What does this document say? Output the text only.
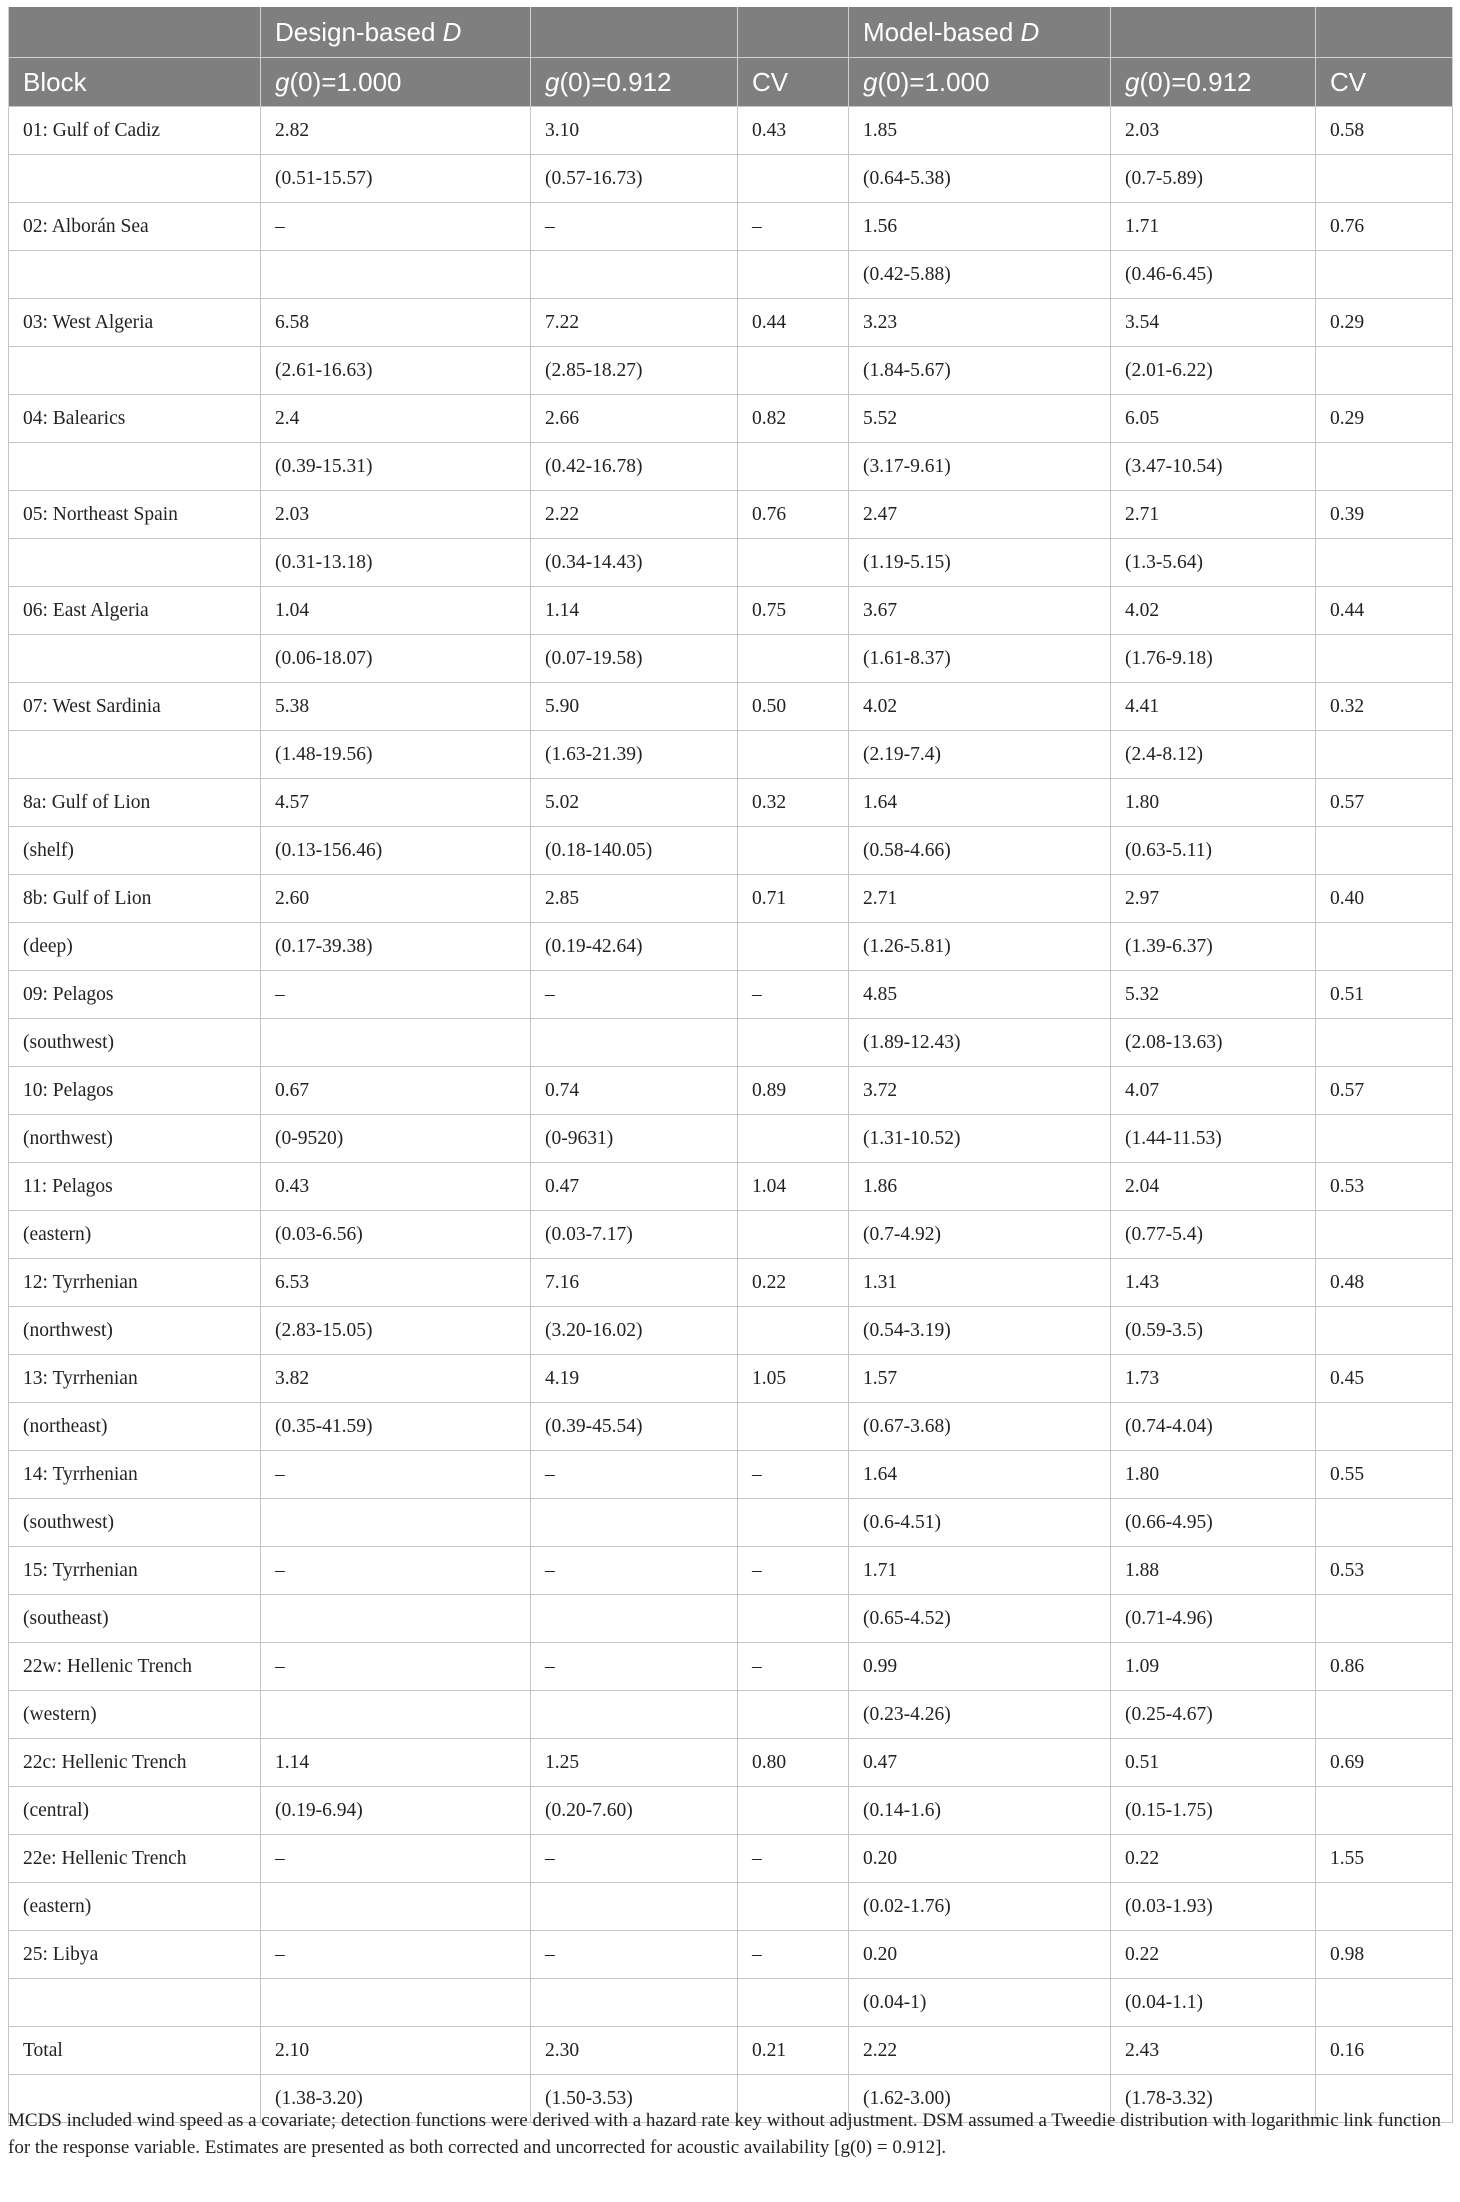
	Design-based D			Model-based D		
Block	g(0)=1.000	g(0)=0.912	CV	g(0)=1.000	g(0)=0.912	CV
01: Gulf of Cadiz	2.82	3.10	0.43	1.85	2.03	0.58
	(0.51-15.57)	(0.57-16.73)		(0.64-5.38)	(0.7-5.89)	
02: Alborán Sea	–	–	–	1.56	1.71	0.76
				(0.42-5.88)	(0.46-6.45)	
03: West Algeria	6.58	7.22	0.44	3.23	3.54	0.29
	(2.61-16.63)	(2.85-18.27)		(1.84-5.67)	(2.01-6.22)	
04: Balearics	2.4	2.66	0.82	5.52	6.05	0.29
	(0.39-15.31)	(0.42-16.78)		(3.17-9.61)	(3.47-10.54)	
05: Northeast Spain	2.03	2.22	0.76	2.47	2.71	0.39
	(0.31-13.18)	(0.34-14.43)		(1.19-5.15)	(1.3-5.64)	
06: East Algeria	1.04	1.14	0.75	3.67	4.02	0.44
	(0.06-18.07)	(0.07-19.58)		(1.61-8.37)	(1.76-9.18)	
07: West Sardinia	5.38	5.90	0.50	4.02	4.41	0.32
	(1.48-19.56)	(1.63-21.39)		(2.19-7.4)	(2.4-8.12)	
8a: Gulf of Lion	4.57	5.02	0.32	1.64	1.80	0.57
(shelf)	(0.13-156.46)	(0.18-140.05)		(0.58-4.66)	(0.63-5.11)	
8b: Gulf of Lion	2.60	2.85	0.71	2.71	2.97	0.40
(deep)	(0.17-39.38)	(0.19-42.64)		(1.26-5.81)	(1.39-6.37)	
09: Pelagos	–	–	–	4.85	5.32	0.51
(southwest)				(1.89-12.43)	(2.08-13.63)	
10: Pelagos	0.67	0.74	0.89	3.72	4.07	0.57
(northwest)	(0-9520)	(0-9631)		(1.31-10.52)	(1.44-11.53)	
11: Pelagos	0.43	0.47	1.04	1.86	2.04	0.53
(eastern)	(0.03-6.56)	(0.03-7.17)		(0.7-4.92)	(0.77-5.4)	
12: Tyrrhenian	6.53	7.16	0.22	1.31	1.43	0.48
(northwest)	(2.83-15.05)	(3.20-16.02)		(0.54-3.19)	(0.59-3.5)	
13: Tyrrhenian	3.82	4.19	1.05	1.57	1.73	0.45
(northeast)	(0.35-41.59)	(0.39-45.54)		(0.67-3.68)	(0.74-4.04)	
14: Tyrrhenian	–	–	–	1.64	1.80	0.55
(southwest)				(0.6-4.51)	(0.66-4.95)	
15: Tyrrhenian	–	–	–	1.71	1.88	0.53
(southeast)				(0.65-4.52)	(0.71-4.96)	
22w: Hellenic Trench	–	–	–	0.99	1.09	0.86
(western)				(0.23-4.26)	(0.25-4.67)	
22c: Hellenic Trench	1.14	1.25	0.80	0.47	0.51	0.69
(central)	(0.19-6.94)	(0.20-7.60)		(0.14-1.6)	(0.15-1.75)	
22e: Hellenic Trench	–	–	–	0.20	0.22	1.55
(eastern)				(0.02-1.76)	(0.03-1.93)	
25: Libya	–	–	–	0.20	0.22	0.98
				(0.04-1)	(0.04-1.1)	
Total	2.10	2.30	0.21	2.22	2.43	0.16
	(1.38-3.20)	(1.50-3.53)		(1.62-3.00)	(1.78-3.32)	
MCDS included wind speed as a covariate; detection functions were derived with a hazard rate key without adjustment. DSM assumed a Tweedie distribution with logarithmic link function for the response variable. Estimates are presented as both corrected and uncorrected for acoustic availability [g(0) = 0.912].
